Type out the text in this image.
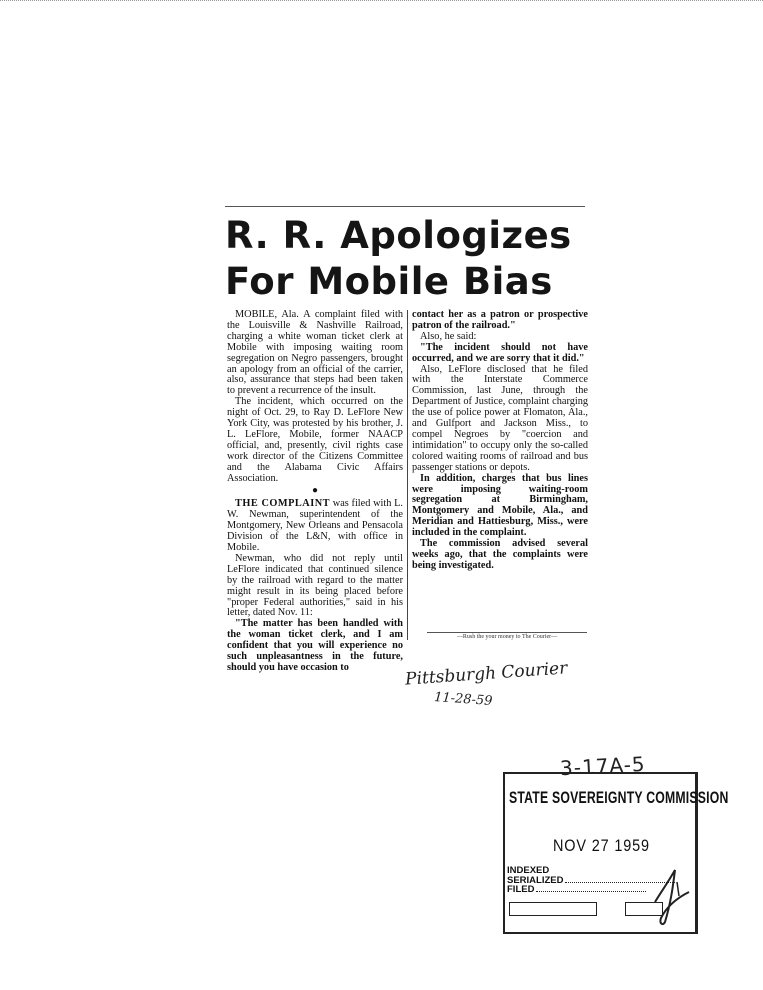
R. R. Apologizes
For Mobile Bias

MOBILE, Ala. A complaint filed with the Louisville & Nashville Railroad, charging a white woman ticket clerk at Mobile with imposing waiting room segregation on Negro passengers, brought an apology from an official of the carrier, also, assurance that steps had been taken to prevent a recurrence of the insult.

The incident, which occurred on the night of Oct. 29, to Ray D. LeFlore New York City, was protested by his brother, J. L. LeFlore, Mobile, former NAACP official, and, presently, civil rights case work director of the Citizens Committee and the Alabama Civic Affairs Association.

●

THE COMPLAINT was filed with L. W. Newman, superintendent of the Montgomery, New Orleans and Pensacola Division of the L&N, with office in Mobile.

Newman, who did not reply until LeFlore indicated that continued silence by the railroad with regard to the matter might result in its being placed before "proper Federal authorities," said in his letter, dated Nov. 11:

"The matter has been handled with the woman ticket clerk, and I am confident that you will experience no such unpleasantness in the future, should you have occasion to

contact her as a patron or prospective patron of the railroad."

Also, he said:

"The incident should not have occurred, and we are sorry that it did."

Also, LeFlore disclosed that he filed with the Interstate Commerce Commission, last June, through the Department of Justice, complaint charging the use of police power at Flomaton, Ala., and Gulfport and Jackson Miss., to compel Negroes by "coercion and intimidation" to occupy only the so-called colored waiting rooms of railroad and bus passenger stations or depots.

In addition, charges that bus lines were imposing waiting-room segregation at Birmingham, Montgomery and Mobile, Ala., and Meridian and Hattiesburg, Miss., were included in the complaint.

The commission advised several weeks ago, that the complaints were being investigated.

—Rush the your money to The Courier—
Pittsburgh Courier
11-28-59
3-17A-5
STATE SOVEREIGNTY COMMISSION
NOV 27 1959
INDEXED
SERIALIZED
FILED
